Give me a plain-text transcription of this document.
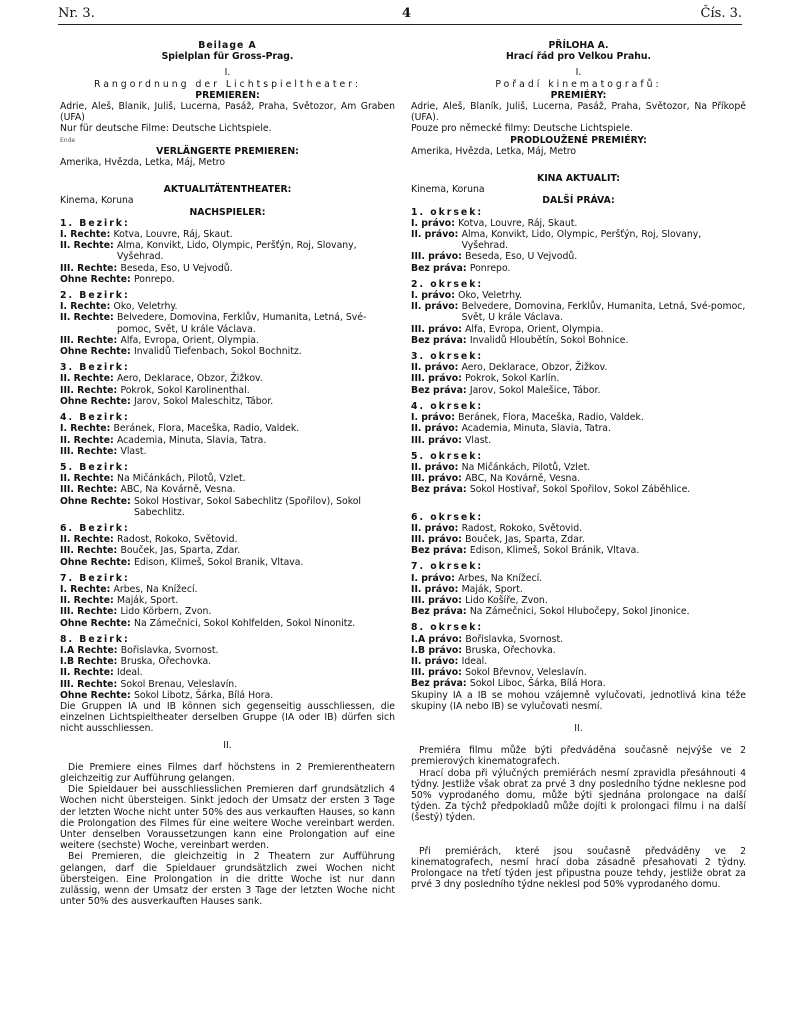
Nr. 3.	4	Čís. 3.
Beilage A
Spielplan für Gross-Prag.
I.
Rangordnung der Lichtspieltheater:
PREMIEREN:

Adrie, Aleš, Blanik, Juliš, Lucerna, Pasáž, Praha, Světozor, Am Graben (UFA)

Nur für deutsche Filme: Deutsche Lichtspiele.

Ende
VERLÄNGERTE PREMIEREN:

Amerika, Hvězda, Letka, Máj, Metro

AKTUALITÄTENTHEATER:

Kinema, Koruna

NACHSPIELER:
1. Bezirk:
I. Rechte: Kotva, Louvre, Ráj, Skaut.
II. Rechte: Alma, Konvikt, Lido, Olympic, Peršťýn, Roj, Slovany, Vyšehrad.
III. Rechte: Beseda, Eso, U Vejvodů.
Ohne Rechte: Ponrepo.
2. Bezirk:
I. Rechte: Oko, Veletrhy.
II. Rechte: Belvedere, Domovina, Ferklův, Humanita, Letná, Své-pomoc, Svět, U krále Václava.
III. Rechte: Alfa, Evropa, Orient, Olympia.
Ohne Rechte: Invalidů Tiefenbach, Sokol Bochnitz.
3. Bezirk:
II. Rechte: Aero, Deklarace, Obzor, Žižkov.
III. Rechte: Pokrok, Sokol Karolinenthal.
Ohne Rechte: Jarov, Sokol Maleschitz, Tábor.
4. Bezirk:
I. Rechte: Beránek, Flora, Maceška, Radio, Valdek.
II. Rechte: Academia, Minuta, Slavia, Tatra.
III. Rechte: Vlast.
5. Bezirk:
II. Rechte: Na Mičánkách, Pilotů, Vzlet.
III. Rechte: ABC, Na Kovárně, Vesna.
Ohne Rechte: Sokol Hostivar, Sokol Sabechlitz (Spořilov), Sokol Sabechlitz.
6. Bezirk:
II. Rechte: Radost, Rokoko, Světovid.
III. Rechte: Bouček, Jas, Sparta, Zdar.
Ohne Rechte: Edison, Klimeš, Sokol Branik, Vltava.
7. Bezirk:
I. Rechte: Arbes, Na Knížecí.
II. Rechte: Maják, Sport.
III. Rechte: Lido Körbern, Zvon.
Ohne Rechte: Na Zámečnici, Sokol Kohlfelden, Sokol Ninonitz.
8. Bezirk:
I.A Rechte: Bořislavka, Svornost.
I.B Rechte: Bruska, Ořechovka.
II. Rechte: Ideal.
III. Rechte: Sokol Brenau, Veleslavín.
Ohne Rechte: Sokol Libotz, Šárka, Bílá Hora.

Die Gruppen IA und IB können sich gegenseitig ausschliessen, die einzelnen Lichtspieltheater derselben Gruppe (IA oder IB) dürfen sich nicht ausschliessen.

II.

Die Premiere eines Filmes darf höchstens in 2 Premierentheatern gleichzeitig zur Aufführung gelangen.

Die Spieldauer bei ausschliesslichen Premieren darf grundsätzlich 4 Wochen nicht übersteigen. Sinkt jedoch der Umsatz der ersten 3 Tage der letzten Woche nicht unter 50% des aus verkauften Hauses, so kann die Prolongation des Filmes für eine weitere Woche vereinbart werden. Unter denselben Voraussetzungen kann eine Prolongation auf eine weitere (sechste) Woche, vereinbart werden.

Bei Premieren, die gleichzeitig in 2 Theatern zur Aufführung gelangen, darf die Spieldauer grundsätzlich zwei Wochen nicht übersteigen. Eine Prolongation in die dritte Woche ist nur dann zulässig, wenn der Umsatz der ersten 3 Tage der letzten Woche nicht unter 50% des ausverkauften Hauses sank.

PŘÍLOHA A.
Hrací řád pro Velkou Prahu.
I.
Pořadí kinematografů:
PREMIÉRY:

Adrie, Aleš, Blaník, Juliš, Lucerna, Pasáž, Praha, Světozor, Na Příkopě (UFA).

Pouze pro německé filmy: Deutsche Lichtspiele.

PRODLOUŽENÉ PREMIÉRY:

Amerika, Hvězda, Letka, Máj, Metro

KINA AKTUALIT:

Kinema, Koruna

DALŠÍ PRÁVA:
1. okrsek:
I. právo: Kotva, Louvre, Ráj, Skaut.
II. právo: Alma, Konvikt, Lido, Olympic, Peršťýn, Roj, Slovany, Vyšehrad.
III. právo: Beseda, Eso, U Vejvodů.
Bez práva: Ponrepo.
2. okrsek:
I. právo: Oko, Veletrhy.
II. právo: Belvedere, Domovina, Ferklův, Humanita, Letná, Své-pomoc, Svět, U krále Václava.
III. právo: Alfa, Evropa, Orient, Olympia.
Bez práva: Invalidů Hloubětín, Sokol Bohnice.
3. okrsek:
II. právo: Aero, Deklarace, Obzor, Žižkov.
III. právo: Pokrok, Sokol Karlín.
Bez práva: Jarov, Sokol Malešice, Tábor.
4. okrsek:
I. právo: Beránek, Flora, Maceška, Radio, Valdek.
II. právo: Academia, Minuta, Slavia, Tatra.
III. právo: Vlast.
5. okrsek:
II. právo: Na Mičánkách, Pilotů, Vzlet.
III. právo: ABC, Na Kovárně, Vesna.
Bez práva: Sokol Hostivař, Sokol Spořilov, Sokol Záběhlice.
6. okrsek:
II. právo: Radost, Rokoko, Světovid.
III. právo: Bouček, Jas, Sparta, Zdar.
Bez práva: Edison, Klimeš, Sokol Bránik, Vltava.
7. okrsek:
I. právo: Arbes, Na Knížecí.
II. právo: Maják, Sport.
III. právo: Lido Košíře, Zvon.
Bez práva: Na Zámečnici, Sokol Hlubočepy, Sokol Jinonice.
8. okrsek:
I.A právo: Bořislavka, Svornost.
I.B právo: Bruska, Ořechovka.
II. právo: Ideal.
III. právo: Sokol Břevnov, Veleslavín.
Bez práva: Sokol Liboc, Šárka, Bílá Hora.

Skupiny IA a IB se mohou vzájemně vylučovati, jednotlivá kina téže skupiny (IA nebo IB) se vylučovati nesmí.

II.

Premiéra filmu může býti předváděna současně nejvýše ve 2 premierových kinematografech.

Hrací doba při výlučných premiérách nesmí zpravidla přesáhnouti 4 týdny. Jestliže však obrat za prvé 3 dny posledního týdne neklesne pod 50% vyprodaného domu, může býti sjednána prolongace na další týden. Za týchž předpokladů může dojíti k prolongaci filmu i na další (šestý) týden.

Při premiérách, které jsou současně předváděny ve 2 kinematografech, nesmí hrací doba zásadně přesahovati 2 týdny. Prolongace na třetí týden jest připustna pouze tehdy, jestliže obrat za prvé 3 dny posledního týdne neklesl pod 50% vyprodaného domu.
